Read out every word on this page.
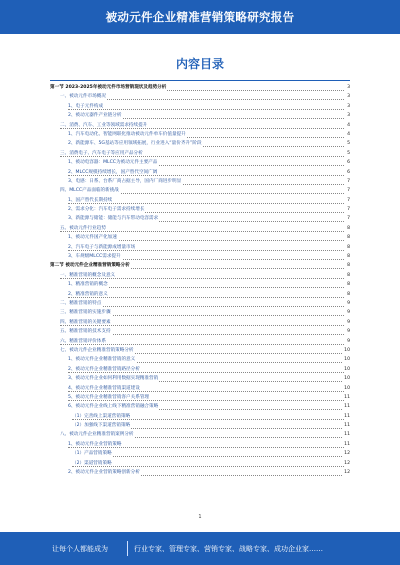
被动元件企业精准营销策略研究报告
内容目录
第一节 2023-2025年被动元件市场营销现状及趋势分析	3
一、被动元件市场概况	3
1、电子元件构成	3
2、被动元器件产业链分析	3
二、消费、汽车、工业等领域需求持续提升	4
1、汽车电动化、智能网联化推动被动元件单车价值量提升	4
2、新能源车、5G基站等应用领域拓展，行业进入“量价齐升”阶段	5
三、消费电子、汽车电子等应用产品分析	5
1、被动电容器：MLCC为被动元件主要产品	6
2、MLCC规模持续增长，国产替代空间广阔	6
3、电感：日系、台系厂商占据主导，国内厂商进步明显	7
四、MLCC产品面临的新挑战	7
1、国产替代长期持续	7
2、需求分化：汽车电子需求持续增长	7
3、新能源与储能：储能与汽车带动电容需求	7
五、被动元件行业趋势	8
1、被动元件国产化加速	8
2、汽车电子与新能源成增量市场	8
3、车规级MLCC需求提升	8
第二节 被动元件企业精准营销策略分析	8
一、精准营销的概念及意义	8
1、精准营销的概念	8
2、精准营销的意义	8
二、精准营销的特点	9
三、精准营销的实施步骤	9
四、精准营销的关键要素	9
五、精准营销的技术支持	9
六、精准营销评价体系	9
七、被动元件企业精准营销策略分析	10
1、被动元件企业精准营销的意义	10
2、被动元件企业精准营销路径分析	10
3、被动元件企业如何利用数据实现精准营销	10
4、被动元件企业精准营销渠道建设	10
5、被动元件企业精准营销客户关系管理	11
6、被动元件企业线上线下精准营销融合策略	11
（1）完善线上渠道营销策略	11
（2）加强线下渠道营销策略	11
八、被动元件企业精准营销案例分析	11
1、被动元件企业营销策略	11
（1）产品营销策略	12
（2）渠道营销策略	12
2、被动元件企业营销策略创新分析	12
1
让每个人都能成为	行业专家、管理专家、营销专家、战略专家、成功企业家……
